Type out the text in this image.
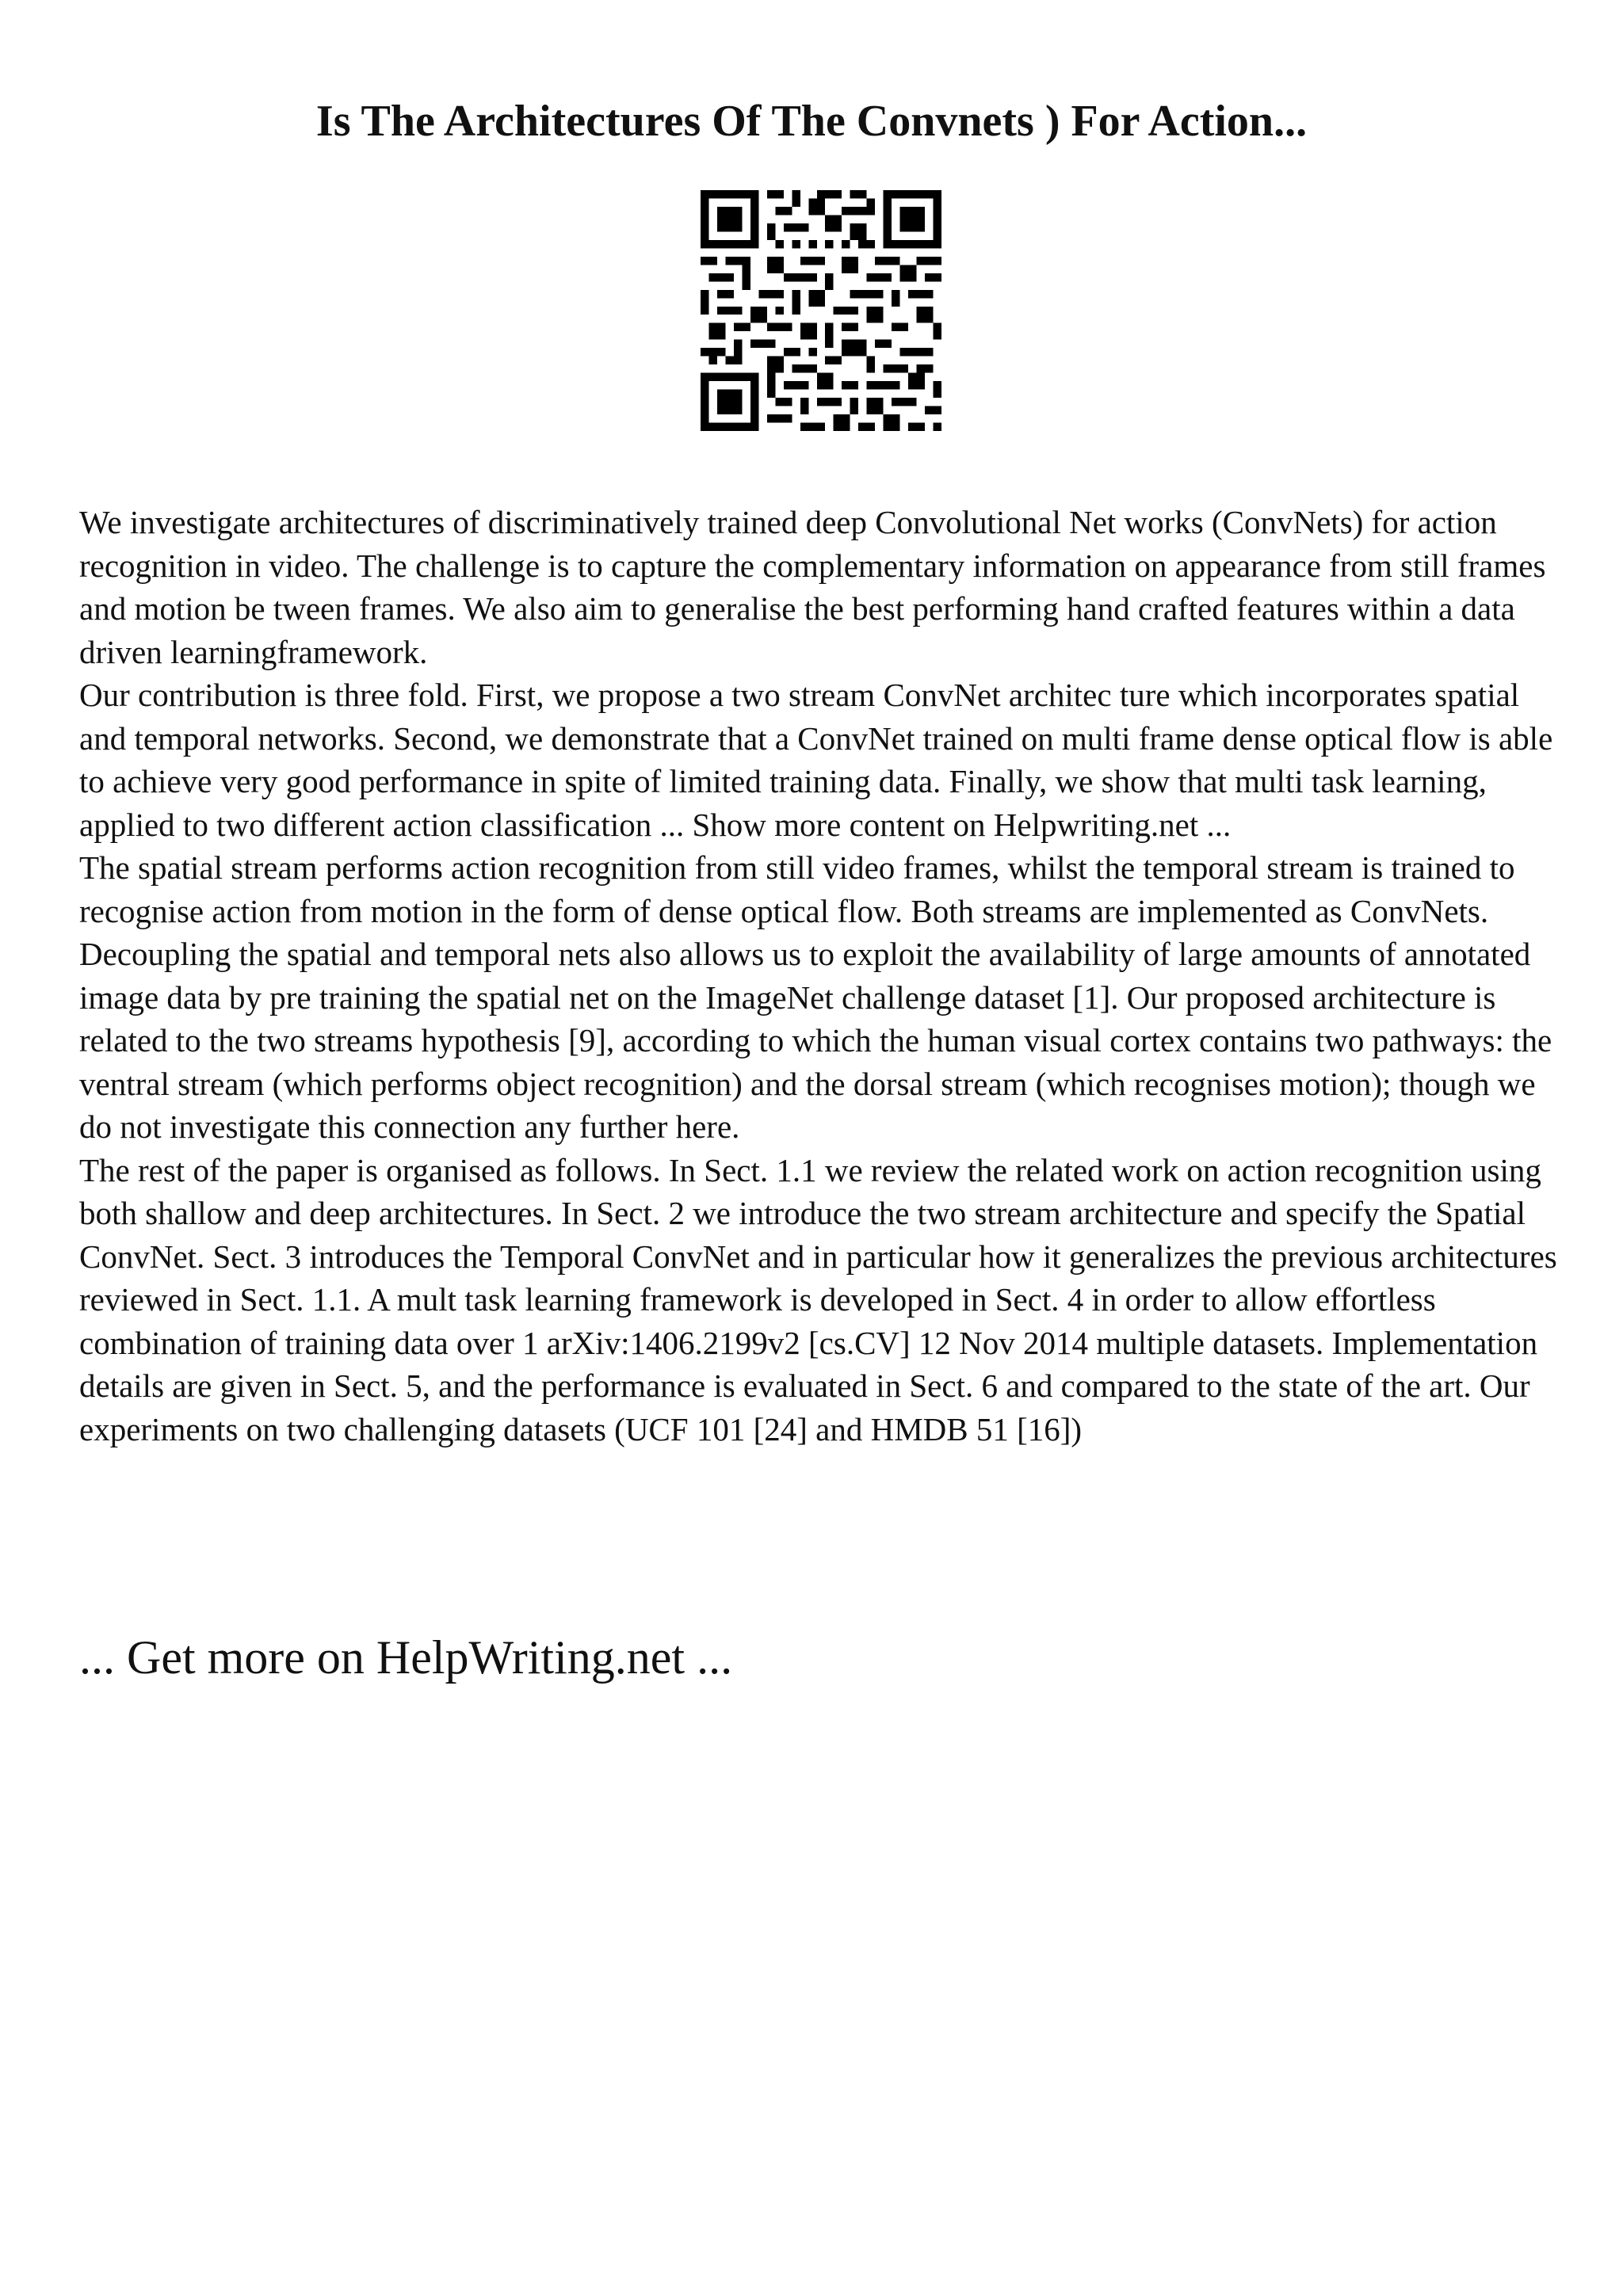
Is The Architectures Of The Convnets ) For Action...

We investigate architectures of discriminatively trained deep Convolutional Net works (ConvNets) for action recognition in video. The challenge is to capture the complementary information on appearance from still frames and motion be tween frames. We also aim to generalise the best performing hand crafted features within a data driven learningframework.

Our contribution is three fold. First, we propose a two stream ConvNet architec ture which incorporates spatial and temporal networks. Second, we demonstrate that a ConvNet trained on multi frame dense optical flow is able to achieve very good performance in spite of limited training data. Finally, we show that multi task learning, applied to two different action classification ... Show more content on Helpwriting.net ...

The spatial stream performs action recognition from still video frames, whilst the temporal stream is trained to recognise action from motion in the form of dense optical flow. Both streams are implemented as ConvNets. Decoupling the spatial and temporal nets also allows us to exploit the availability of large amounts of annotated image data by pre training the spatial net on the ImageNet challenge dataset [1]. Our proposed architecture is related to the two streams hypothesis [9], according to which the human visual cortex contains two pathways: the ventral stream (which performs object recognition) and the dorsal stream (which recognises motion); though we do not investigate this connection any further here.

The rest of the paper is organised as follows. In Sect. 1.1 we review the related work on action recognition using both shallow and deep architectures. In Sect. 2 we introduce the two stream architecture and specify the Spatial ConvNet. Sect. 3 introduces the Temporal ConvNet and in particular how it generalizes the previous architectures reviewed in Sect. 1.1. A mult task learning framework is developed in Sect. 4 in order to allow effortless combination of training data over 1 arXiv:1406.2199v2 [cs.CV] 12 Nov 2014 multiple datasets. Implementation details are given in Sect. 5, and the performance is evaluated in Sect. 6 and compared to the state of the art. Our experiments on two challenging datasets (UCF 101 [24] and HMDB 51 [16])

... Get more on HelpWriting.net ...
